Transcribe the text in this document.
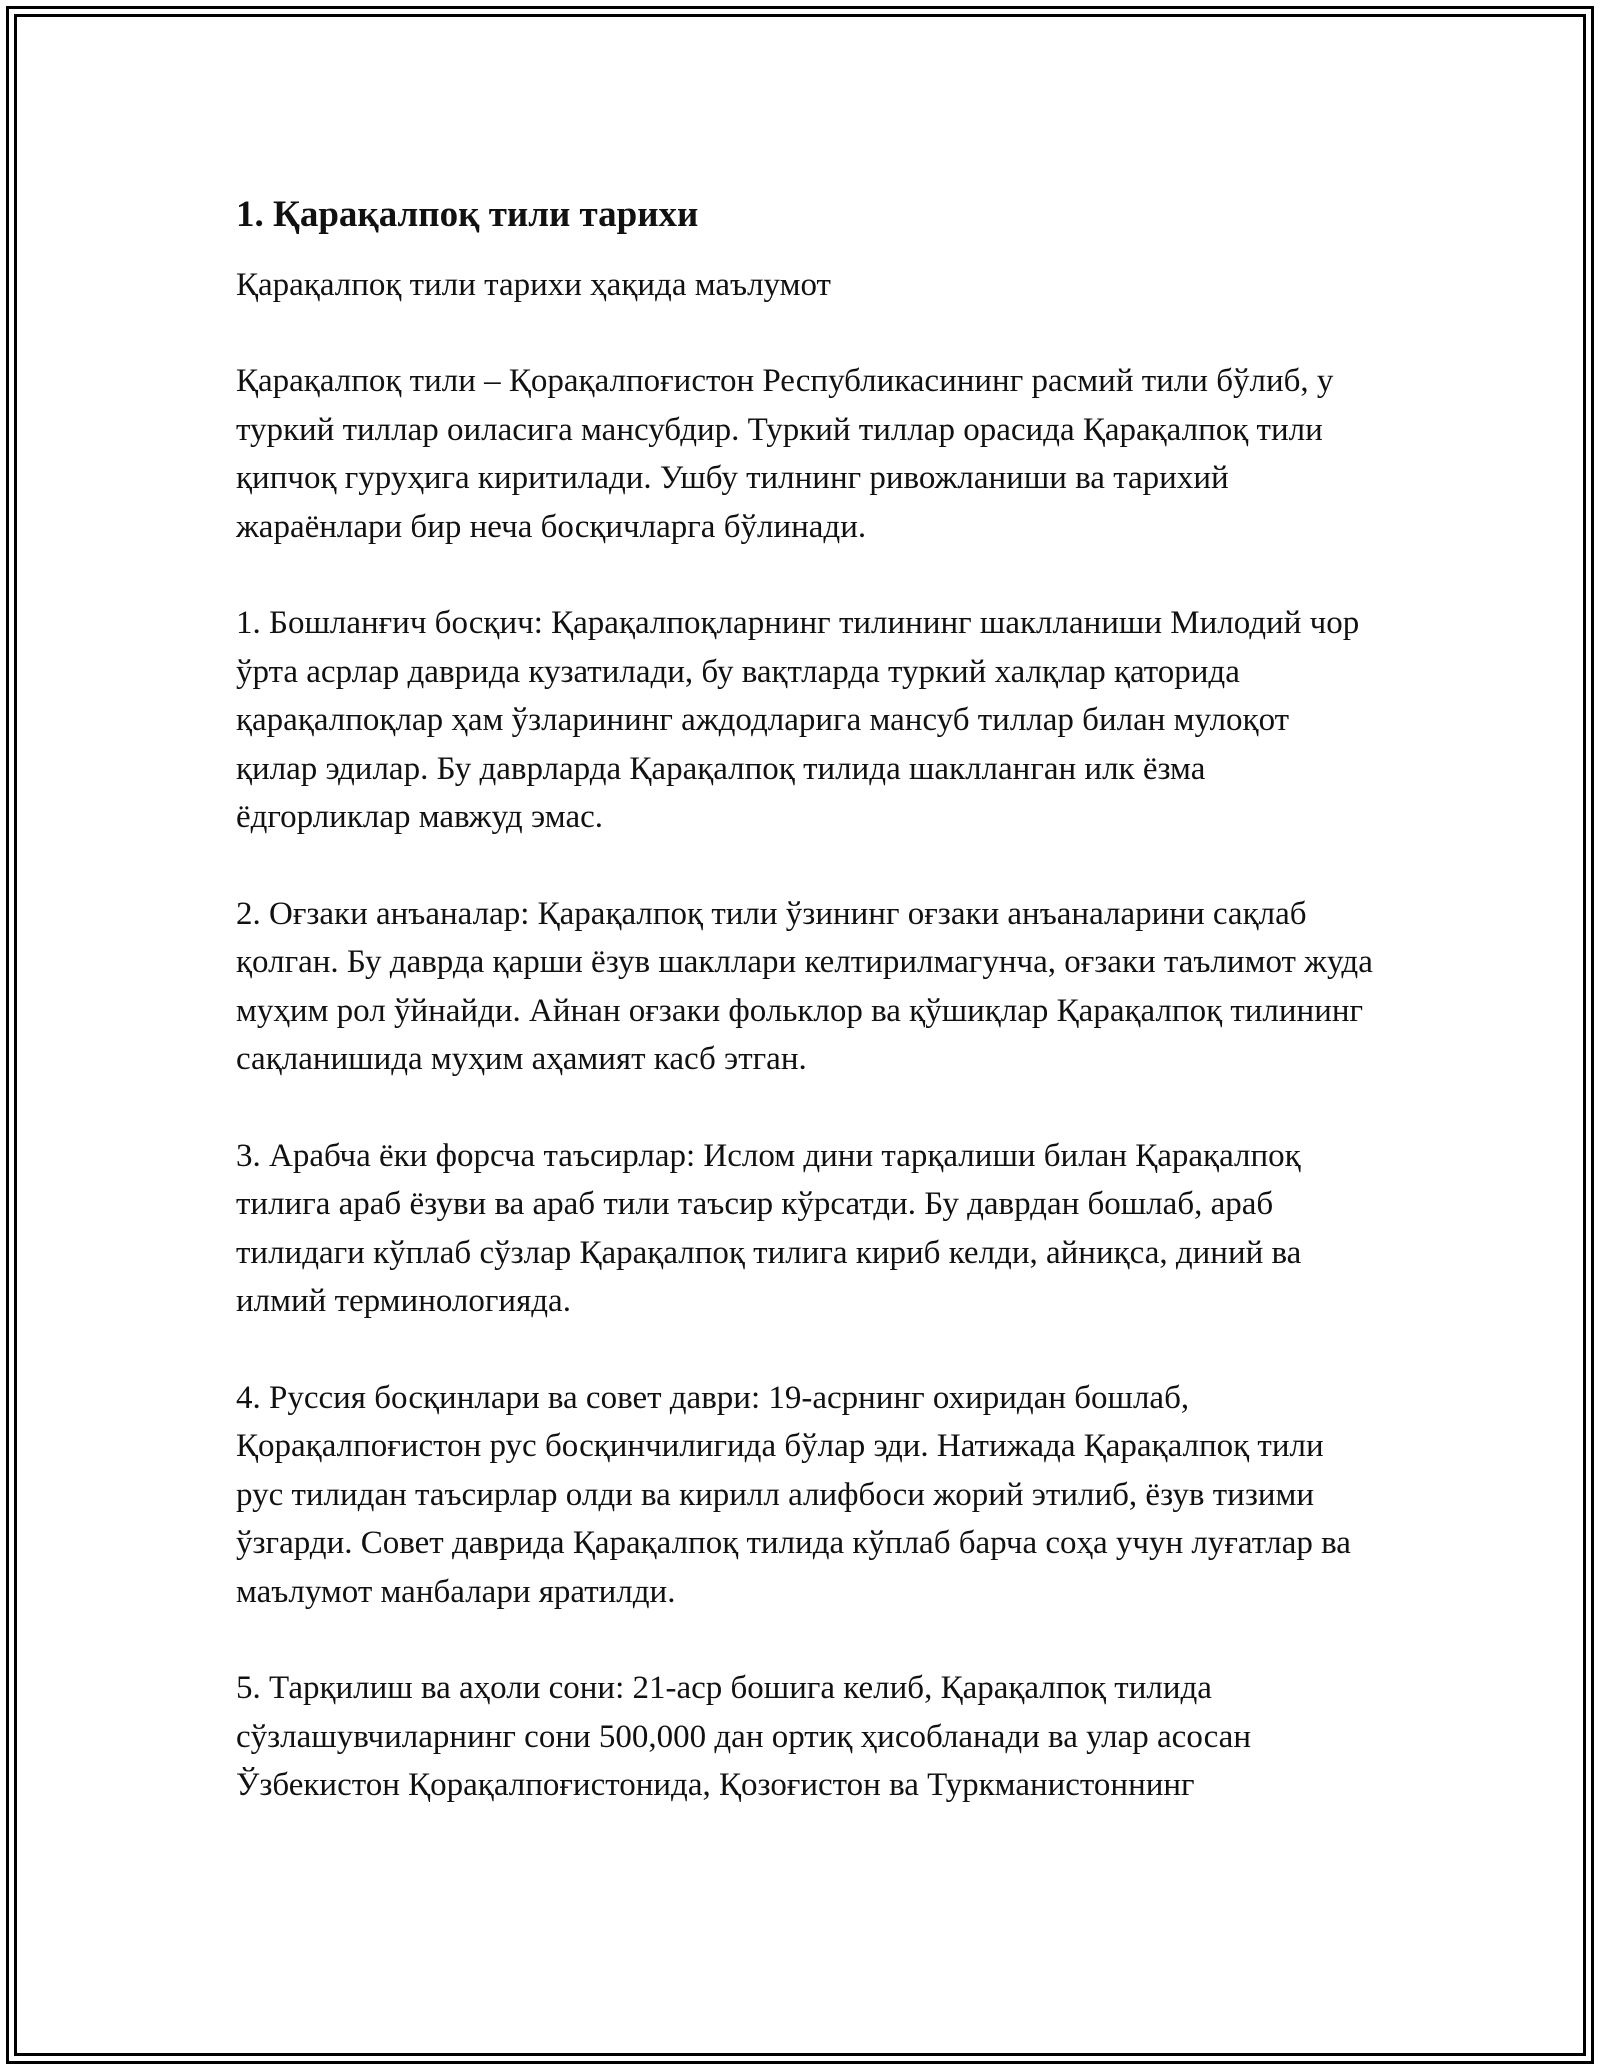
1. Қарақалпоқ тили тарихи

Қарақалпоқ тили тарихи ҳақида маълумот

Қарақалпоқ тили – Қорақалпоғистон Республикасининг расмий тили бўлиб, у туркий тиллар оиласига мансубдир. Туркий тиллар орасида Қарақалпоқ тили қипчоқ гуруҳига киритилади. Ушбу тилнинг ривожланиши ва тарихий жараёнлари бир неча босқичларга бўлинади.

1. Бошланғич босқич: Қарақалпоқларнинг тилининг шаклланиши Милодий чор ўрта асрлар даврида кузатилади, бу вақтларда туркий халқлар қаторида қарақалпоқлар ҳам ўзларининг аждодларига мансуб тиллар билан мулоқот қилар эдилар. Бу даврларда Қарақалпоқ тилида шаклланган илк ёзма ёдгорликлар мавжуд эмас.

2. Оғзаки анъаналар: Қарақалпоқ тили ўзининг оғзаки анъаналарини сақлаб қолган. Бу даврда қарши ёзув шакллари келтирилмагунча, оғзаки таълимот жуда муҳим рол ўйнайди. Айнан оғзаки фольклор ва қўшиқлар Қарақалпоқ тилининг сақланишида муҳим аҳамият касб этган.

3. Арабча ёки форсча таъсирлар: Ислом дини тарқалиши билан Қарақалпоқ тилига араб ёзуви ва араб тили таъсир кўрсатди. Бу даврдан бошлаб, араб тилидаги кўплаб сўзлар Қарақалпоқ тилига кириб келди, айниқса, диний ва илмий терминологияда.

4. Руссия босқинлари ва совет даври: 19-асрнинг охиридан бошлаб, Қорақалпоғистон рус босқинчилигида бўлар эди. Натижада Қарақалпоқ тили рус тилидан таъсирлар олди ва кирилл алифбоси жорий этилиб, ёзув тизими ўзгарди. Совет даврида Қарақалпоқ тилида кўплаб барча соҳа учун луғатлар ва маълумот манбалари яратилди.

5. Тарқилиш ва аҳоли сони: 21-аср бошига келиб, Қарақалпоқ тилида сўзлашувчиларнинг сони 500,000 дан ортиқ ҳисобланади ва улар асосан Ўзбекистон Қорақалпоғистонида, Қозоғистон ва Туркманистоннинг
